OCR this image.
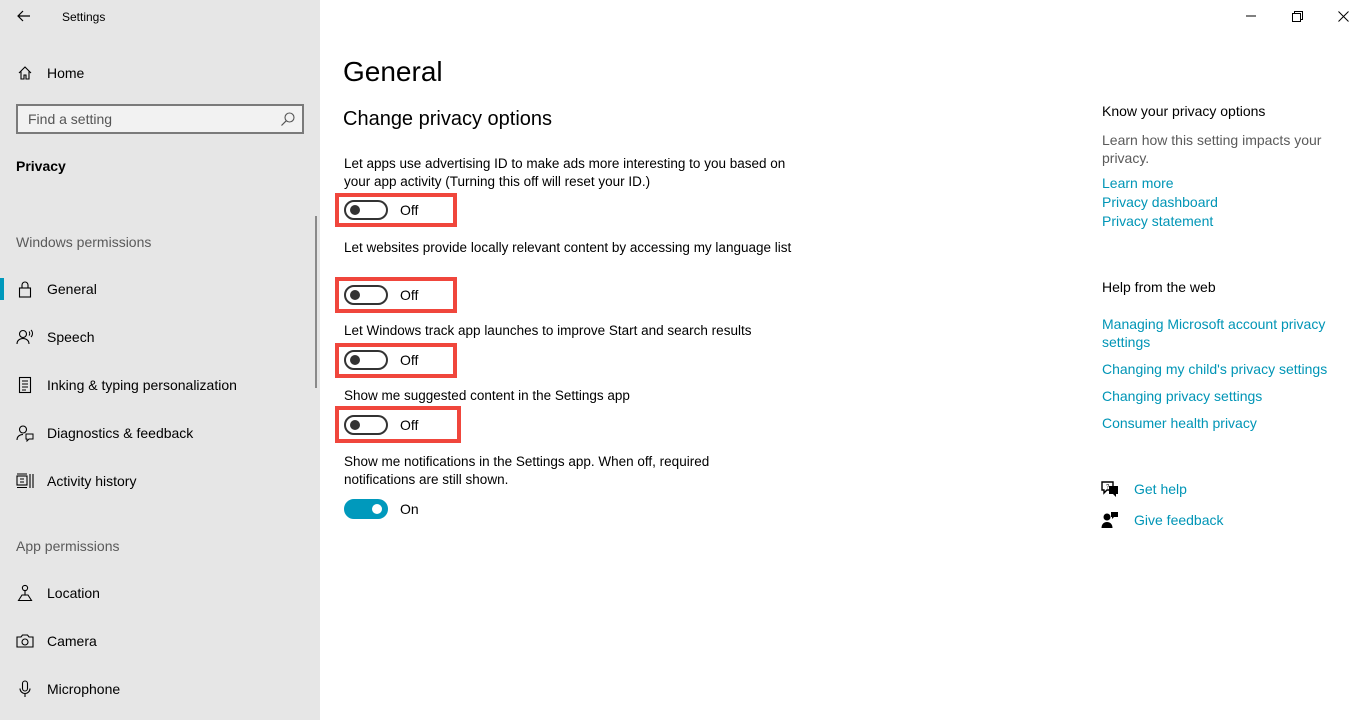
Settings
Home
Find a setting
Privacy
Windows permissions
General
Speech
Inking & typing personalization
Diagnostics & feedback
Activity history
App permissions
Location
Camera
Microphone
General
Change privacy options
Let apps use advertising ID to make ads more interesting to you based on your app activity (Turning this off will reset your ID.)
Off
Let websites provide locally relevant content by accessing my language list
Off
Let Windows track app launches to improve Start and search results
Off
Show me suggested content in the Settings app
Off
Show me notifications in the Settings app. When off, required notifications are still shown.
On
Know your privacy options
Learn how this setting impacts your privacy.
Learn more
Privacy dashboard
Privacy statement
Help from the web
Managing Microsoft account privacy settings
Changing my child's privacy settings
Changing privacy settings
Consumer health privacy
? Get help
Give feedback
